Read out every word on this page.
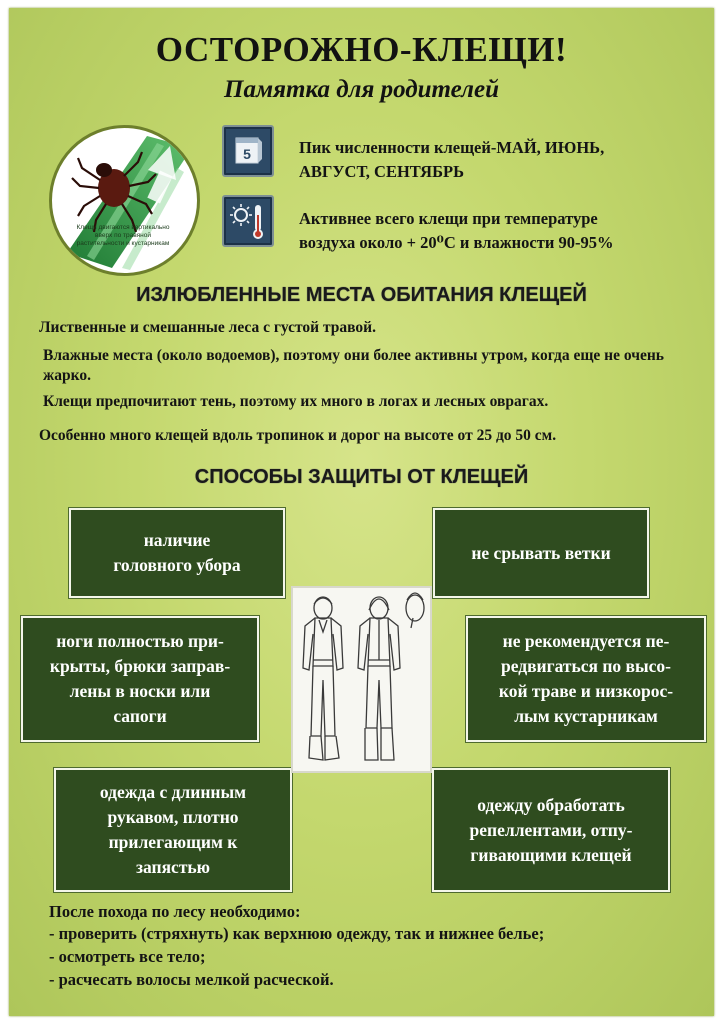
ОСТОРОЖНО-КЛЕЩИ!
Памятка для родителей
Клещи двигаются вертикально вверх по травяной растительности и кустарникам
5	Пик численности клещей-МАЙ, ИЮНЬ,
АВГУСТ, СЕНТЯБРЬ
Активнее всего клещи при температуре
воздуха около + 20⁰С и влажности 90-95%
ИЗЛЮБЛЕННЫЕ МЕСТА ОБИТАНИЯ КЛЕЩЕЙ
Лиственные и смешанные леса с густой травой.
Влажные места (около водоемов), поэтому они более активны утром, когда еще не очень жарко.
Клещи предпочитают тень, поэтому их много в логах и лесных оврагах.
Особенно много клещей вдоль тропинок и дорог на высоте от 25 до 50 см.
СПОСОБЫ ЗАЩИТЫ ОТ КЛЕЩЕЙ
наличие
головного убора
не срывать ветки
ноги полностью при-
крыты, брюки заправ-
лены в носки или
сапоги
не рекомендуется пе-
редвигаться по высо-
кой траве и низкорос-
лым кустарникам
одежда с длинным
рукавом, плотно
прилегающим к
запястью
одежду обработать
репеллентами, отпу-
гивающими клещей
После похода по лесу необходимо:
- проверить (стряхнуть) как верхнюю одежду, так и нижнее белье;
- осмотреть все тело;
- расчесать волосы мелкой расческой.
